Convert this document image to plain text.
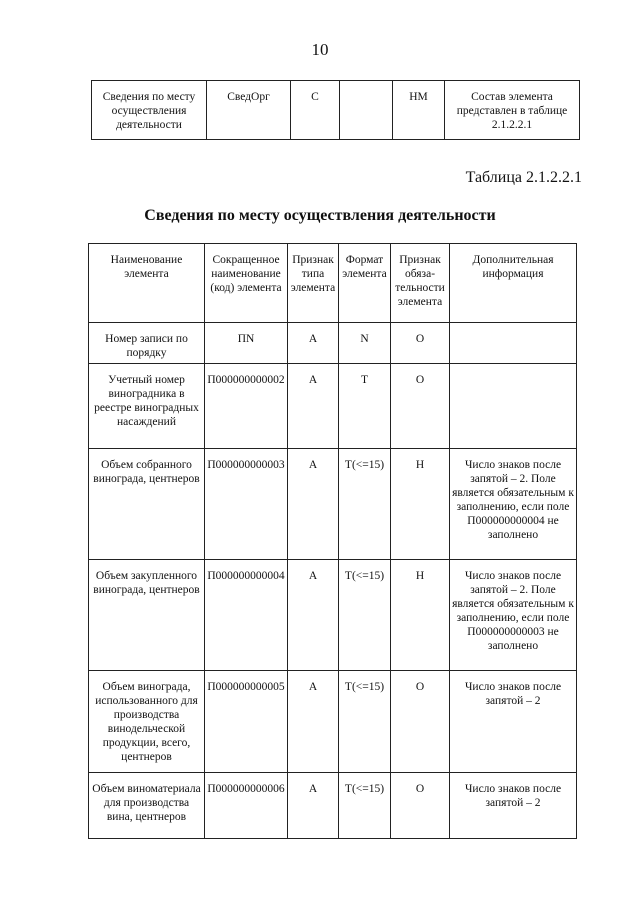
10
Сведения по месту осуществления деятельности	СведОрг	С		НМ	Состав элемента представлен в таблице 2.1.2.2.1
Таблица 2.1.2.2.1
Сведения по месту осуществления деятельности
Наименование элемента	Сокращенное наименование (код) элемента	Признак типа элемента	Формат элемента	Признак обяза-тельности элемента	Дополнительная информация
Номер записи по порядку	ПN	А	N	О	
Учетный номер виноградника в реестре виноградных насаждений	П000000000002	А	T	О	
Объем собранного винограда, центнеров	П000000000003	А	T(<=15)	Н	Число знаков после запятой – 2. Поле является обязательным к заполнению, если поле П000000000004 не заполнено
Объем закупленного винограда, центнеров	П000000000004	А	T(<=15)	Н	Число знаков после запятой – 2. Поле является обязательным к заполнению, если поле П000000000003 не заполнено
Объем винограда, использованного для производства винодельческой продукции, всего, центнеров	П000000000005	А	T(<=15)	О	Число знаков после запятой – 2
Объем виноматериала для производства вина, центнеров	П000000000006	А	T(<=15)	О	Число знаков после запятой – 2
